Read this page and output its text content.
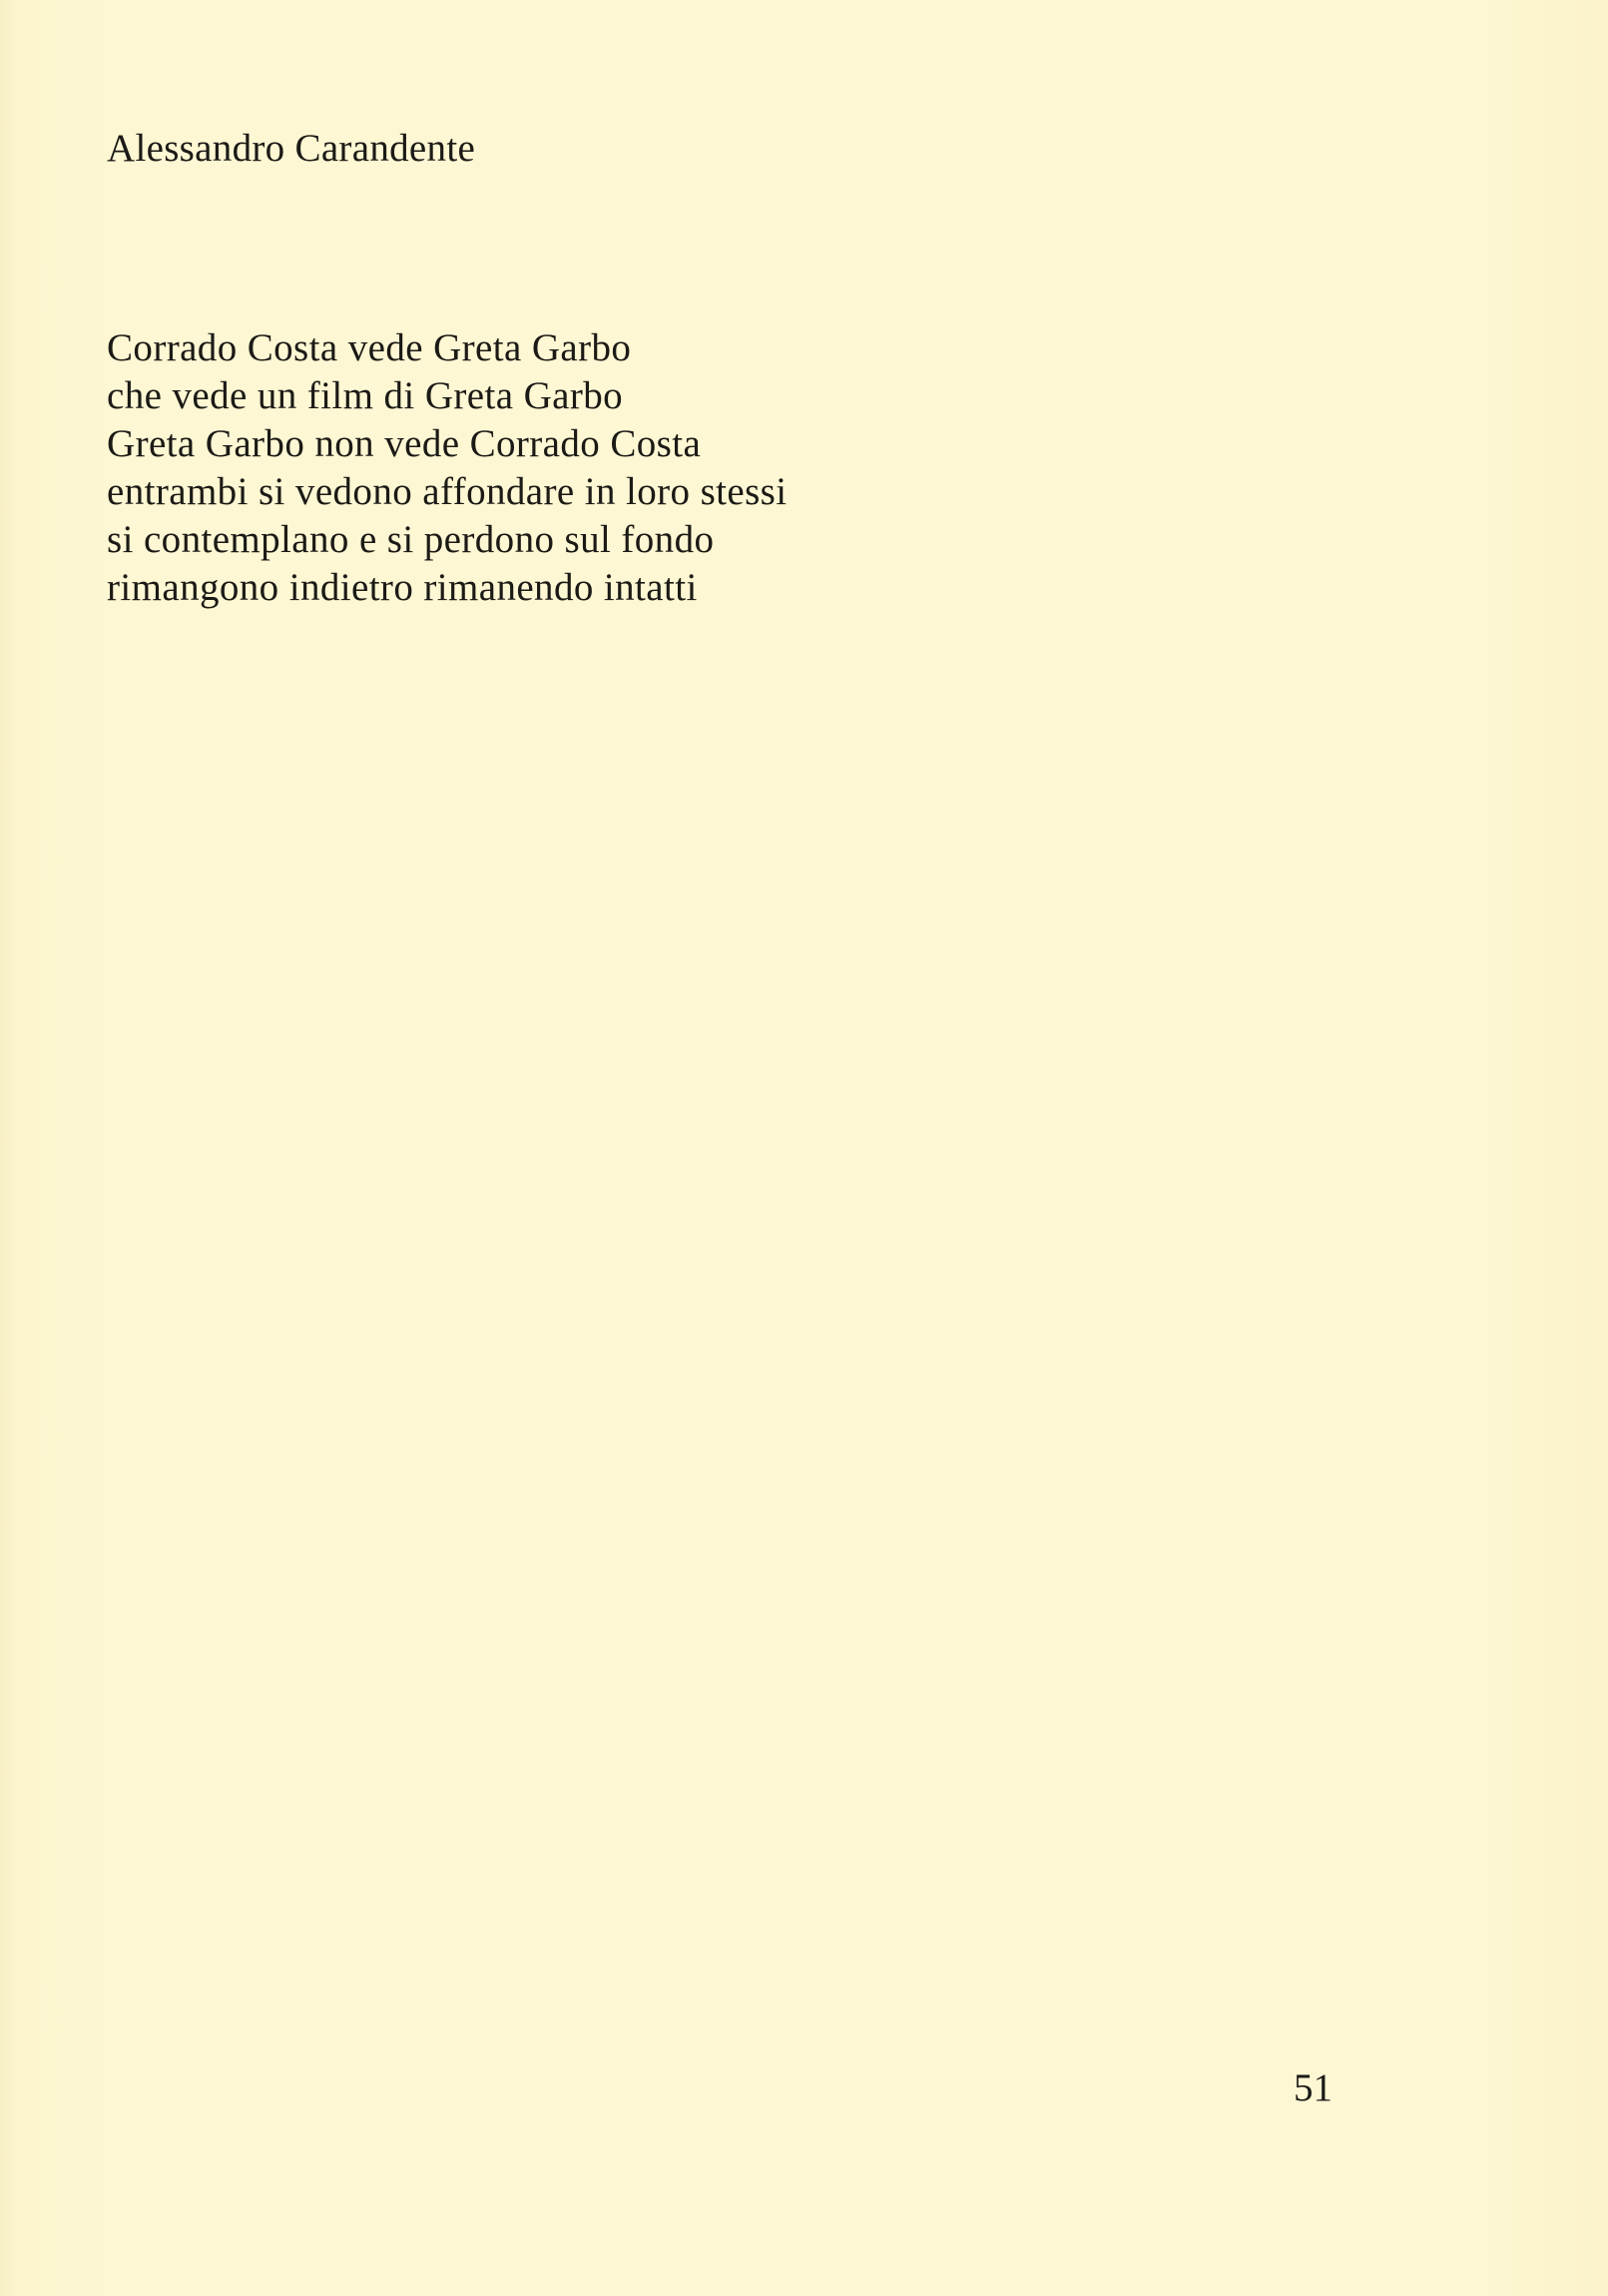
Alessandro Carandente
Corrado Costa vede Greta Garbo
che vede un film di Greta Garbo
Greta Garbo non vede Corrado Costa
entrambi si vedono affondare in loro stessi
si contemplano e si perdono sul fondo
rimangono indietro rimanendo intatti
51
